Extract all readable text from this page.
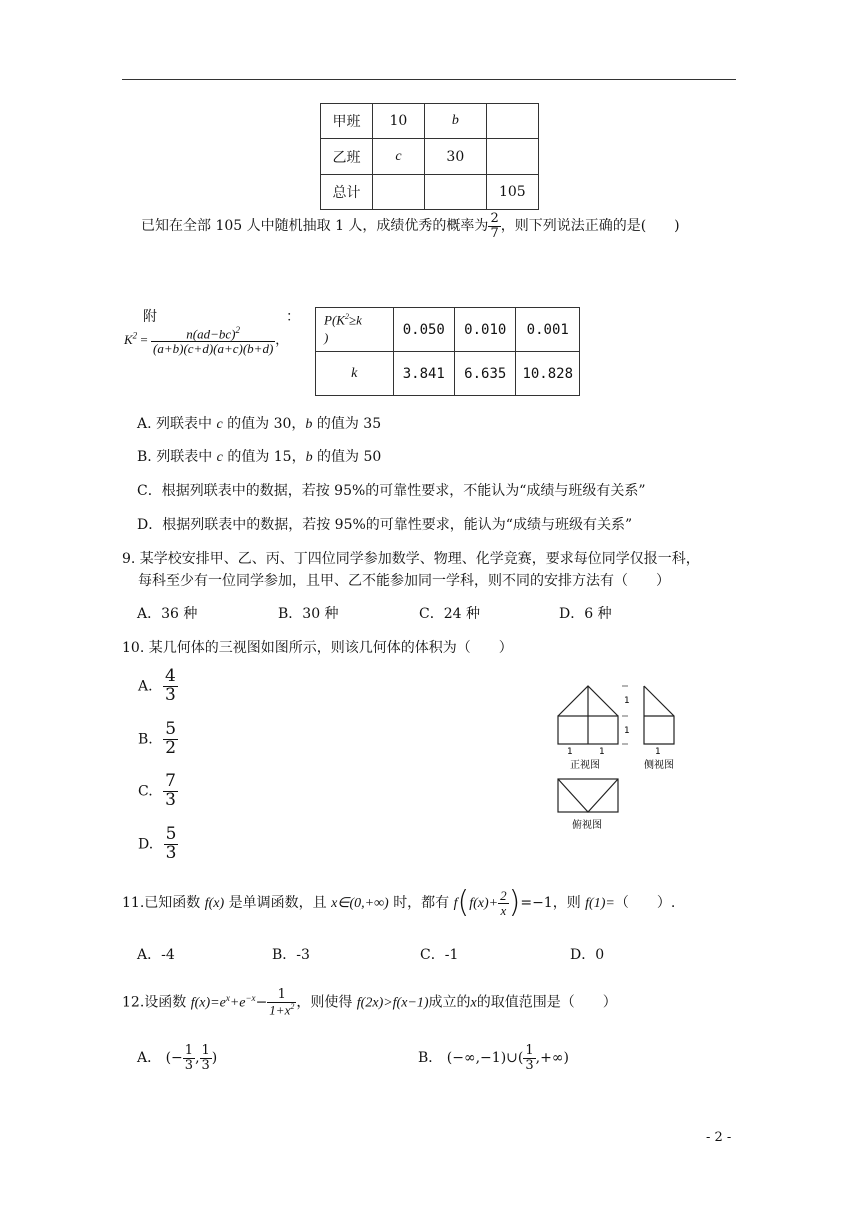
甲班	10	b	
乙班	c	30	
总计			105
已知在全部 105 人中随机抽取 1 人，成绩优秀的概率为 $\frac{2}{7}$ ，则下列说法正确的是(　　)
附	：
$K^2 = \frac{n(ad-bc)^2}{(a+b)(c+d)(a+c)(b+d)}$ ，
$P(K^2\ge k$
)	0.050	0.010	0.001
k	3.841	6.635	10.828
A. 列联表中 c 的值为 30，b 的值为 35
B. 列联表中 c 的值为 15，b 的值为 50
C．根据列联表中的数据，若按 95%的可靠性要求，不能认为“成绩与班级有关系”
D．根据列联表中的数据，若按 95%的可靠性要求，能认为“成绩与班级有关系”
9. 某学校安排甲、乙、丙、丁四位同学参加数学、物理、化学竞赛，要求每位同学仅报一科，
每科至少有一位同学参加，且甲、乙不能参加同一学科，则不同的安排方法有（　　）
A．36 种	B．30 种	C．24 种	D．6 种
10. 某几何体的三视图如图所示，则该几何体的体积为（　　）
A. $\frac{4}{3}$
B. $\frac{5}{2}$
C. $\frac{7}{3}$
D. $\frac{5}{3}$
1
1
1	1
正视图
1
侧视图
俯视图
11.已知函数 f(x) 是单调函数，且 x∈(0,+∞) 时，都有 $f(f(x)+ \frac{2}{x} )=-1$，则 f(1)=（　　）.
A．-4	B．-3	C．-1	D．0
12.设函数 $f(x)=e^x+e^{-x}- \frac{1}{1+x^2}$ ，则使得 f(2x)>f(x−1)成立的x的取值范围是（　　）
A． (− $\frac{1}{3}$ , $\frac{1}{3}$ )	B． (−∞,−1)∪( $\frac{1}{3}$ ,+∞)
- 2 -
